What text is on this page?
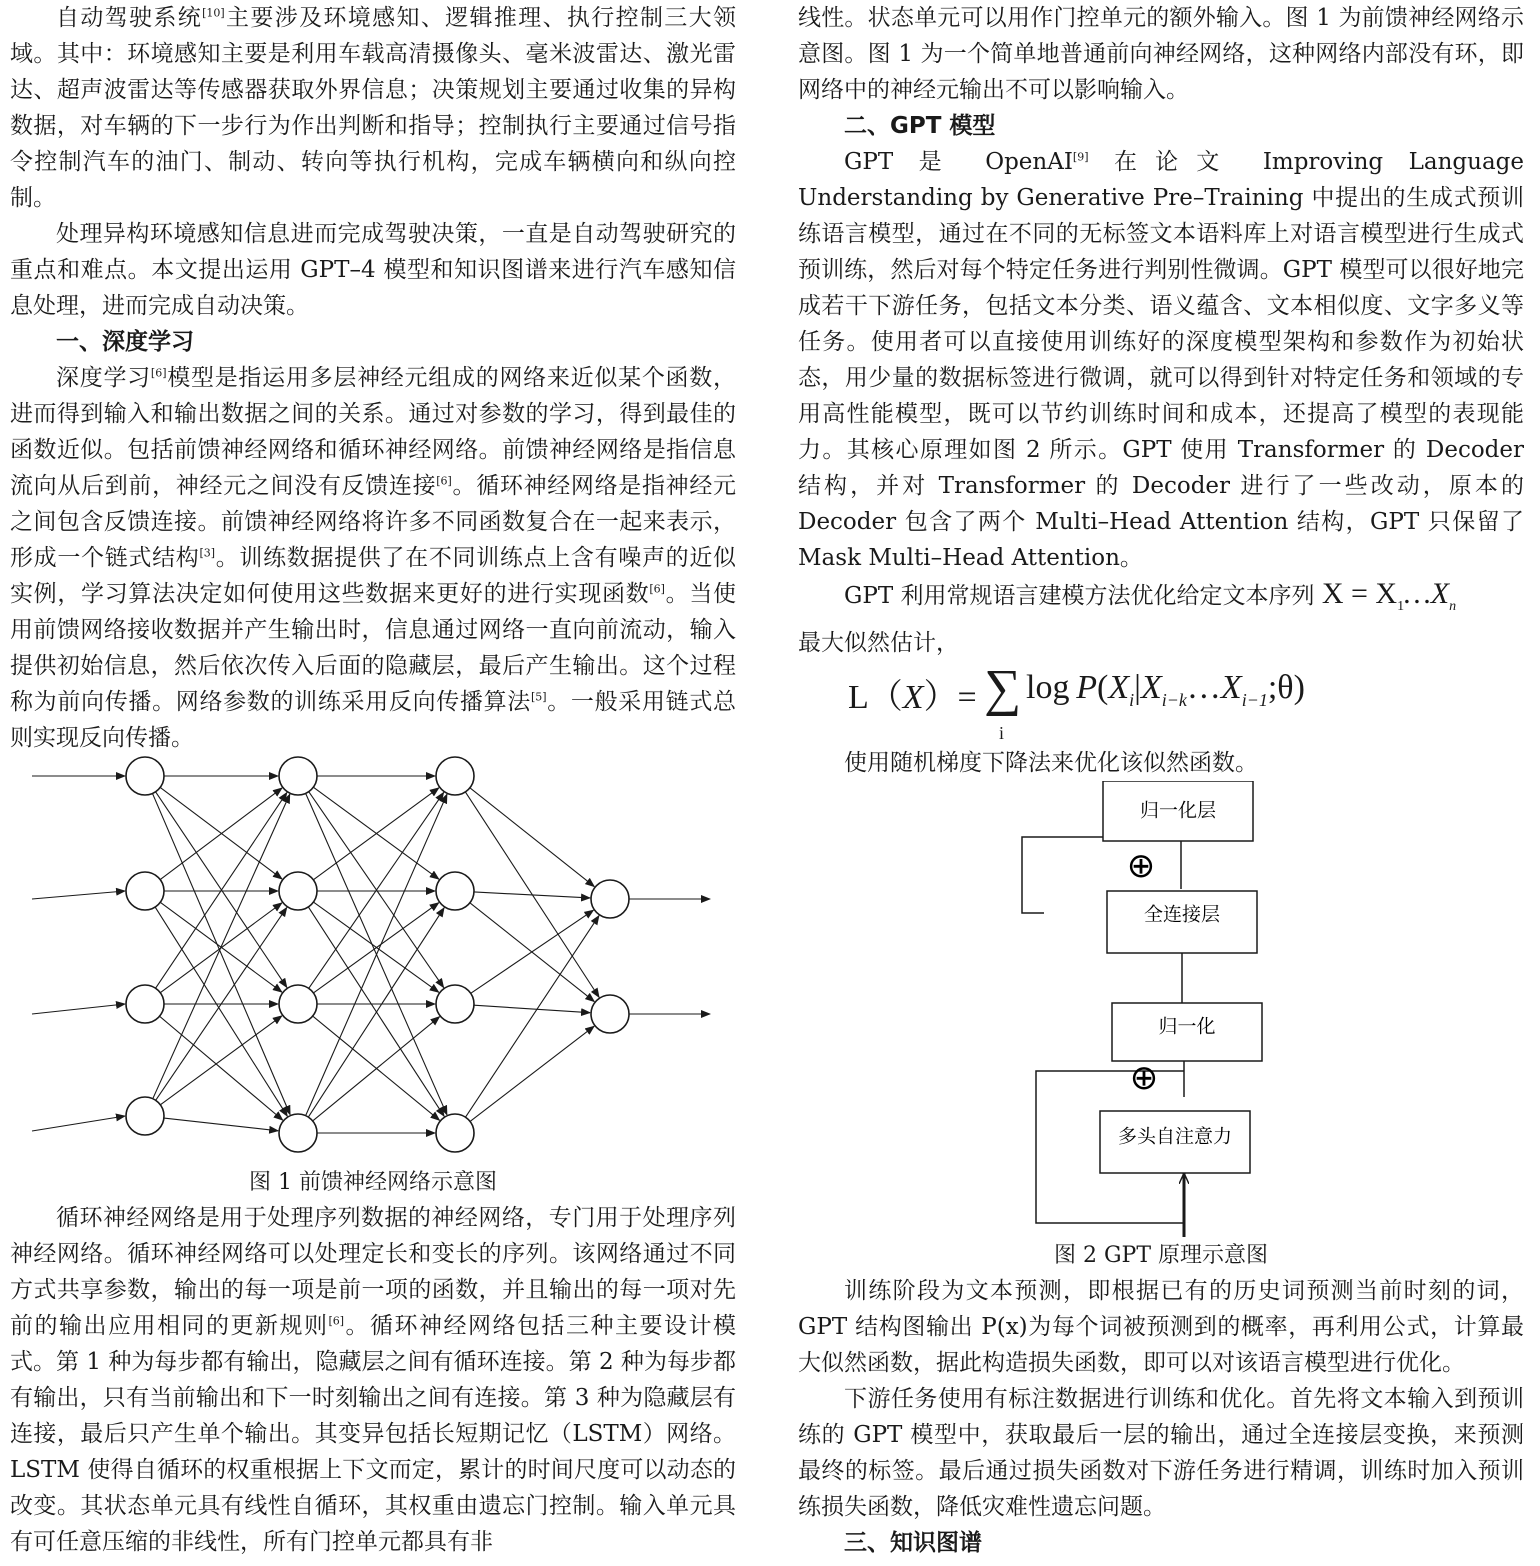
自动驾驶系统[10]主要涉及环境感知、逻辑推理、执行控制三大领域。其中：环境感知主要是利用车载高清摄像头、毫米波雷达、激光雷达、超声波雷达等传感器获取外界信息；决策规划主要通过收集的异构数据，对车辆的下一步行为作出判断和指导；控制执行主要通过信号指令控制汽车的油门、制动、转向等执行机构，完成车辆横向和纵向控制。

处理异构环境感知信息进而完成驾驶决策，一直是自动驾驶研究的重点和难点。本文提出运用 GPT–4 模型和知识图谱来进行汽车感知信息处理，进而完成自动决策。

一、深度学习

深度学习[6]模型是指运用多层神经元组成的网络来近似某个函数，进而得到输入和输出数据之间的关系。通过对参数的学习，得到最佳的函数近似。包括前馈神经网络和循环神经网络。前馈神经网络是指信息流向从后到前，神经元之间没有反馈连接[6]。循环神经网络是指神经元之间包含反馈连接。前馈神经网络将许多不同函数复合在一起来表示，形成一个链式结构[3]。训练数据提供了在不同训练点上含有噪声的近似实例，学习算法决定如何使用这些数据来更好的进行实现函数[6]。当使用前馈网络接收数据并产生输出时，信息通过网络一直向前流动，输入提供初始信息，然后依次传入后面的隐藏层，最后产生输出。这个过程称为前向传播。网络参数的训练采用反向传播算法[5]。一般采用链式总则实现反向传播。

图 1 前馈神经网络示意图

循环神经网络是用于处理序列数据的神经网络，专门用于处理序列神经网络。循环神经网络可以处理定长和变长的序列。该网络通过不同方式共享参数，输出的每一项是前一项的函数，并且输出的每一项对先前的输出应用相同的更新规则[6]。循环神经网络包括三种主要设计模式。第 1 种为每步都有输出，隐藏层之间有循环连接。第 2 种为每步都有输出，只有当前输出和下一时刻输出之间有连接。第 3 种为隐藏层有连接，最后只产生单个输出。其变异包括长短期记忆（LSTM）网络。LSTM 使得自循环的权重根据上下文而定，累计的时间尺度可以动态的改变。其状态单元具有线性自循环，其权重由遗忘门控制。输入单元具有可任意压缩的非线性，所有门控单元都具有非

线性。状态单元可以用作门控单元的额外输入。图 1 为前馈神经网络示意图。图 1 为一个简单地普通前向神经网络，这种网络内部没有环，即网络中的神经元输出不可以影响输入。

二、GPT 模型

GPT 是 OpenAI[9] 在论文 Improving Language Understanding by Generative Pre–Training 中提出的生成式预训练语言模型，通过在不同的无标签文本语料库上对语言模型进行生成式预训练，然后对每个特定任务进行判别性微调。GPT 模型可以很好地完成若干下游任务，包括文本分类、语义蕴含、文本相似度、文字多义等任务。使用者可以直接使用训练好的深度模型架构和参数作为初始状态，用少量的数据标签进行微调，就可以得到针对特定任务和领域的专用高性能模型，既可以节约训练时间和成本，还提高了模型的表现能力。其核心原理如图 2 所示。GPT 使用 Transformer 的 Decoder 结构，并对 Transformer 的 Decoder 进行了一些改动，原本的 Decoder 包含了两个 Multi–Head Attention 结构，GPT 只保留了 Mask Multi–Head Attention。

GPT 利用常规语言建模方法优化给定文本序列 $X = X_1\dots X_n$
最大似然估计，

L（X）= ∑
i
$\log P(X_i|X_{i-k}\dots X_{i-1};\theta)$

使用随机梯度下降法来优化该似然函数。

归一化层
全连接层
归一化
多头自注意力
⊕
⊕
图 2 GPT 原理示意图

训练阶段为文本预测，即根据已有的历史词预测当前时刻的词，GPT 结构图输出 P(x)为每个词被预测到的概率，再利用公式，计算最大似然函数，据此构造损失函数，即可以对该语言模型进行优化。

下游任务使用有标注数据进行训练和优化。首先将文本输入到预训练的 GPT 模型中，获取最后一层的输出，通过全连接层变换，来预测最终的标签。最后通过损失函数对下游任务进行精调，训练时加入预训练损失函数，降低灾难性遗忘问题。

三、知识图谱
